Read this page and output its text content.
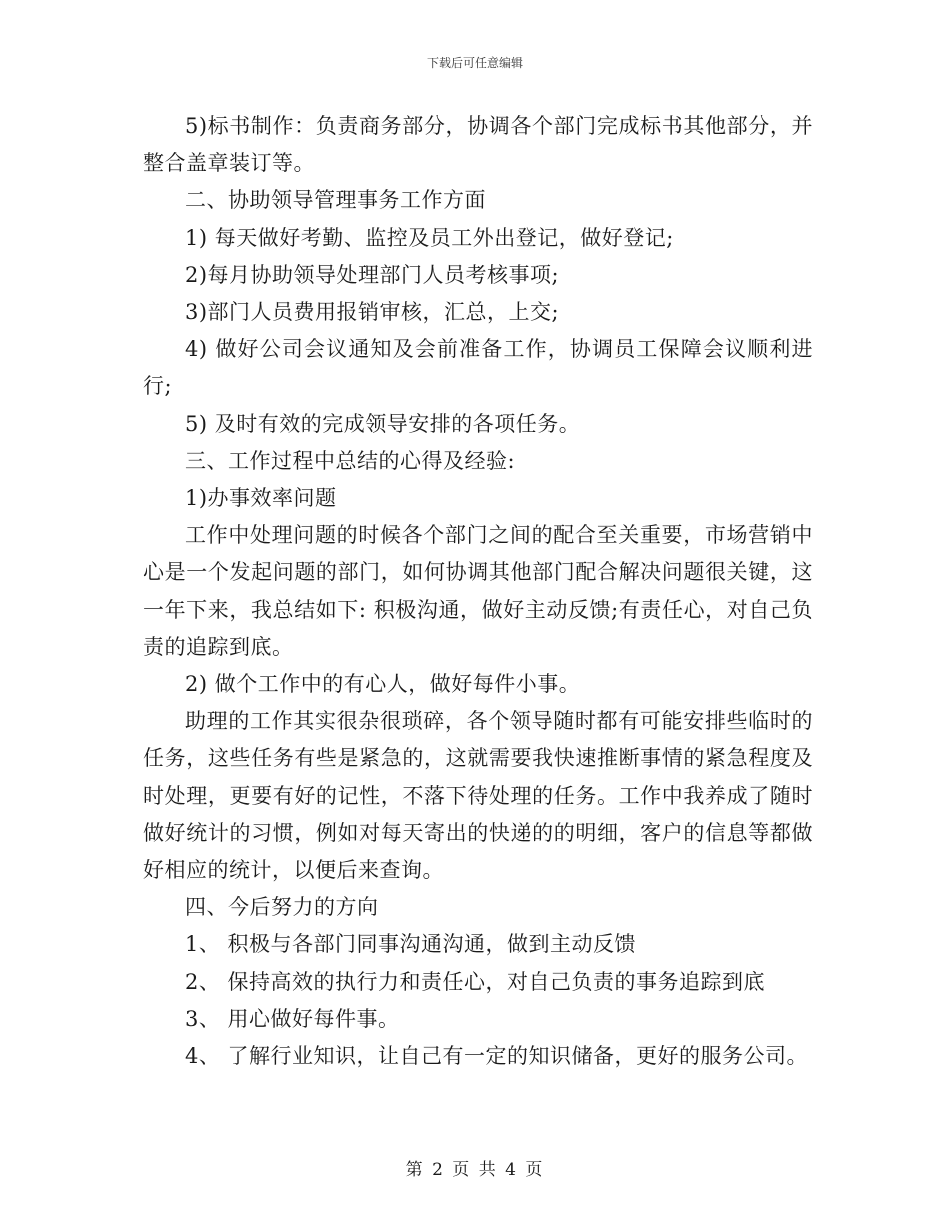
下载后可任意编辑

5)标书制作：负责商务部分，协调各个部门完成标书其他部分，并整合盖章装订等。

二、协助领导管理事务工作方面

1) 每天做好考勤、监控及员工外出登记，做好登记;

2)每月协助领导处理部门人员考核事项;

3)部门人员费用报销审核，汇总，上交;

4) 做好公司会议通知及会前准备工作，协调员工保障会议顺利进行;

5) 及时有效的完成领导安排的各项任务。

三、工作过程中总结的心得及经验:

1)办事效率问题

工作中处理问题的时候各个部门之间的配合至关重要，市场营销中心是一个发起问题的部门，如何协调其他部门配合解决问题很关键，这一年下来，我总结如下: 积极沟通，做好主动反馈;有责任心，对自己负责的追踪到底。

2) 做个工作中的有心人，做好每件小事。

助理的工作其实很杂很琐碎，各个领导随时都有可能安排些临时的任务，这些任务有些是紧急的，这就需要我快速推断事情的紧急程度及时处理，更要有好的记性，不落下待处理的任务。工作中我养成了随时做好统计的习惯，例如对每天寄出的快递的的明细，客户的信息等都做好相应的统计，以便后来查询。

四、今后努力的方向

1、 积极与各部门同事沟通沟通，做到主动反馈

2、 保持高效的执行力和责任心，对自己负责的事务追踪到底

3、 用心做好每件事。

4、 了解行业知识，让自己有一定的知识储备，更好的服务公司。

第 2 页 共 4 页
